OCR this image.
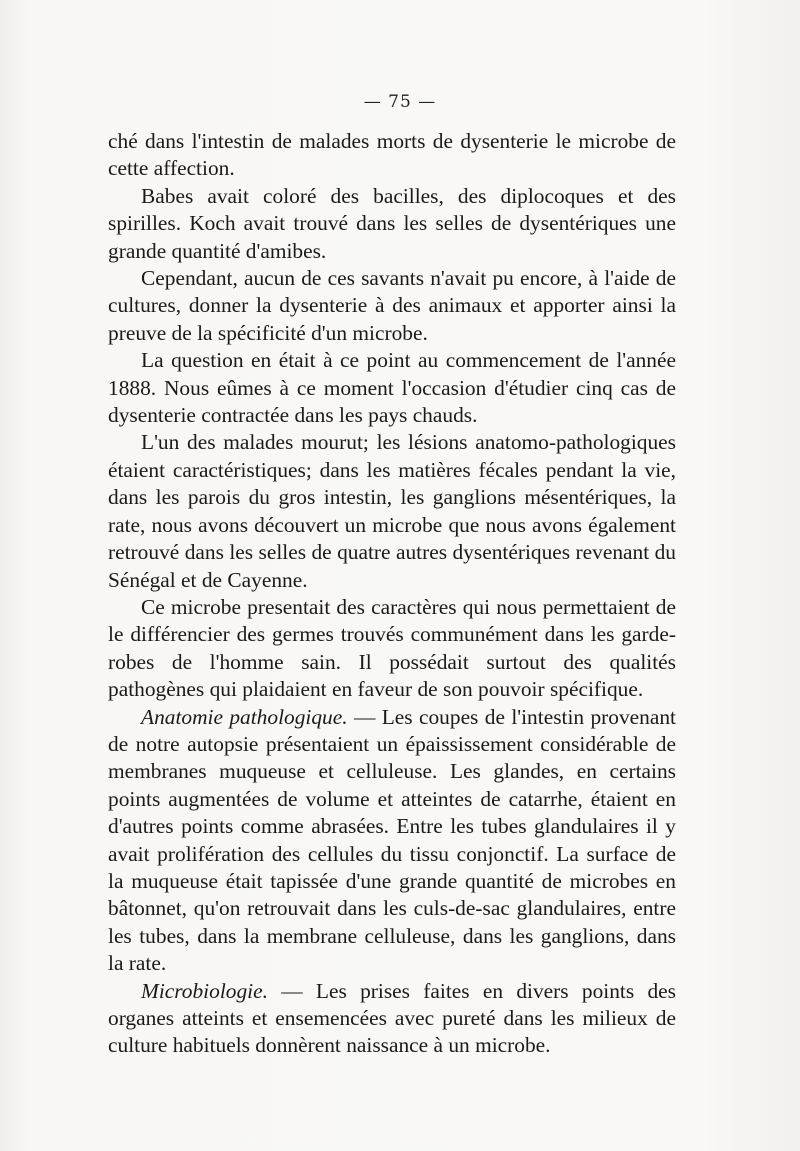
— 75 —

ché dans l'intestin de malades morts de dysenterie le microbe de cette affection.

Babes avait coloré des bacilles, des diplocoques et des spirilles. Koch avait trouvé dans les selles de dysentériques une grande quantité d'amibes.

Cependant, aucun de ces savants n'avait pu encore, à l'aide de cultures, donner la dysenterie à des animaux et apporter ainsi la preuve de la spécificité d'un microbe.

La question en était à ce point au commencement de l'année 1888. Nous eûmes à ce moment l'occasion d'étudier cinq cas de dysenterie contractée dans les pays chauds.

L'un des malades mourut; les lésions anatomo-pathologiques étaient caractéristiques; dans les matières fécales pendant la vie, dans les parois du gros intestin, les ganglions mésentériques, la rate, nous avons découvert un microbe que nous avons également retrouvé dans les selles de quatre autres dysentériques revenant du Sénégal et de Cayenne.

Ce microbe presentait des caractères qui nous permettaient de le différencier des germes trouvés communément dans les garde-robes de l'homme sain. Il possédait surtout des qualités pathogènes qui plaidaient en faveur de son pouvoir spécifique.

Anatomie pathologique. — Les coupes de l'intestin provenant de notre autopsie présentaient un épaississement considérable de membranes muqueuse et celluleuse. Les glandes, en certains points augmentées de volume et atteintes de catarrhe, étaient en d'autres points comme abrasées. Entre les tubes glandulaires il y avait prolifération des cellules du tissu conjonctif. La surface de la muqueuse était tapissée d'une grande quantité de microbes en bâtonnet, qu'on retrouvait dans les culs-de-sac glandulaires, entre les tubes, dans la membrane celluleuse, dans les ganglions, dans la rate.

Microbiologie. — Les prises faites en divers points des organes atteints et ensemencées avec pureté dans les milieux de culture habituels donnèrent naissance à un microbe.
